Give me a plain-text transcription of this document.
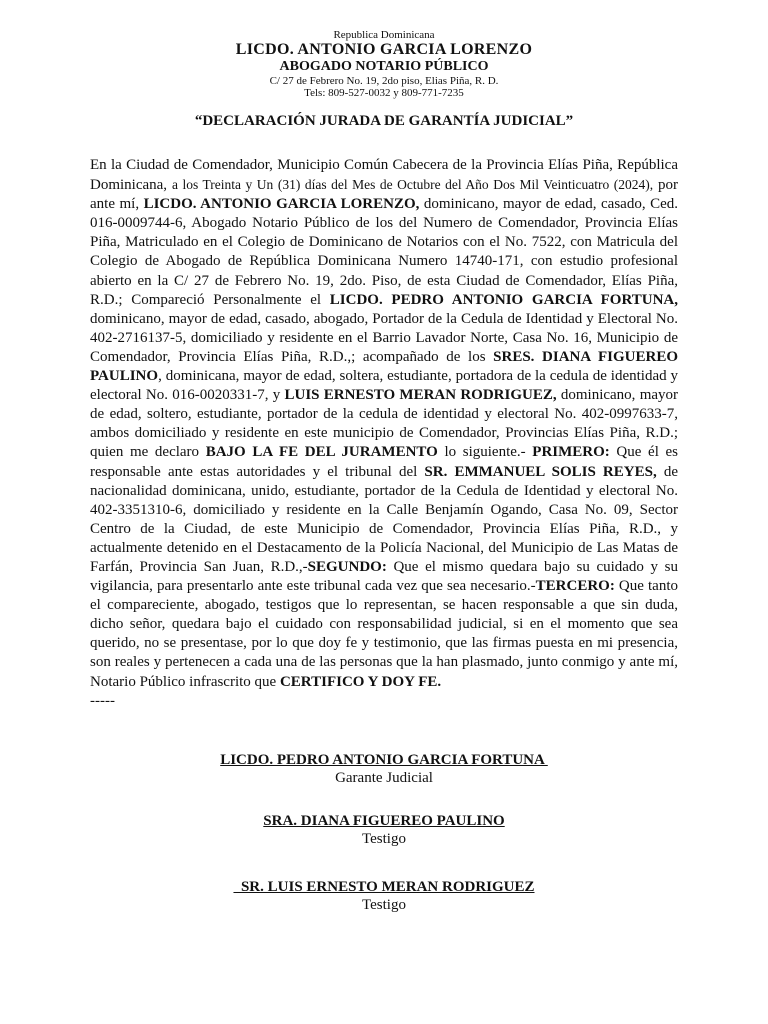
Republica Dominicana
LICDO. ANTONIO GARCIA LORENZO
ABOGADO NOTARIO PÚBLICO
C/ 27 de Febrero No. 19, 2do piso, Elias Piña, R. D.
Tels: 809-527-0032 y 809-771-7235
“DECLARACIÓN JURADA DE GARANTÍA JUDICIAL”
En la Ciudad de Comendador, Municipio Común Cabecera de la Provincia Elías Piña, República Dominicana, a los Treinta y Un (31) días del Mes de Octubre del Año Dos Mil Veinticuatro (2024), por ante mí, LICDO. ANTONIO GARCIA LORENZO, dominicano, mayor de edad, casado, Ced. 016-0009744-6, Abogado Notario Público de los del Numero de Comendador, Provincia Elías Piña, Matriculado en el Colegio de Dominicano de Notarios con el No. 7522, con Matricula del Colegio de Abogado de República Dominicana Numero 14740-171, con estudio profesional abierto en la C/ 27 de Febrero No. 19, 2do. Piso, de esta Ciudad de Comendador, Elías Piña, R.D.; Compareció Personalmente el LICDO. PEDRO ANTONIO GARCIA FORTUNA, dominicano, mayor de edad, casado, abogado, Portador de la Cedula de Identidad y Electoral No. 402-2716137-5, domiciliado y residente en el Barrio Lavador Norte, Casa No. 16, Municipio de Comendador, Provincia Elías Piña, R.D.,; acompañado de los SRES. DIANA FIGUEREO PAULINO, dominicana, mayor de edad, soltera, estudiante, portadora de la cedula de identidad y electoral No. 016-0020331-7, y LUIS ERNESTO MERAN RODRIGUEZ, dominicano, mayor de edad, soltero, estudiante, portador de la cedula de identidad y electoral No. 402-0997633-7, ambos domiciliado y residente en este municipio de Comendador, Provincias Elías Piña, R.D.; quien me declaro BAJO LA FE DEL JURAMENTO lo siguiente.- PRIMERO: Que él es responsable ante estas autoridades y el tribunal del SR. EMMANUEL SOLIS REYES, de nacionalidad dominicana, unido, estudiante, portador de la Cedula de Identidad y electoral No. 402-3351310-6, domiciliado y residente en la Calle Benjamín Ogando, Casa No. 09, Sector Centro de la Ciudad, de este Municipio de Comendador, Provincia Elías Piña, R.D., y actualmente detenido en el Destacamento de la Policía Nacional, del Municipio de Las Matas de Farfán, Provincia San Juan, R.D.,-SEGUNDO: Que el mismo quedara bajo su cuidado y su vigilancia, para presentarlo ante este tribunal cada vez que sea necesario.-TERCERO: Que tanto el compareciente, abogado, testigos que lo representan, se hacen responsable a que sin duda, dicho señor, quedara bajo el cuidado con responsabilidad judicial, si en el momento que sea querido, no se presentase, por lo que doy fe y testimonio, que las firmas puesta en mi presencia, son reales y pertenecen a cada una de las personas que la han plasmado, junto conmigo y ante mí, Notario Público infrascrito que CERTIFICO Y DOY FE.
-----
LICDO. PEDRO ANTONIO GARCIA FORTUNA
Garante Judicial
SRA. DIANA FIGUEREO PAULINO
Testigo
SR. LUIS ERNESTO MERAN RODRIGUEZ
Testigo
